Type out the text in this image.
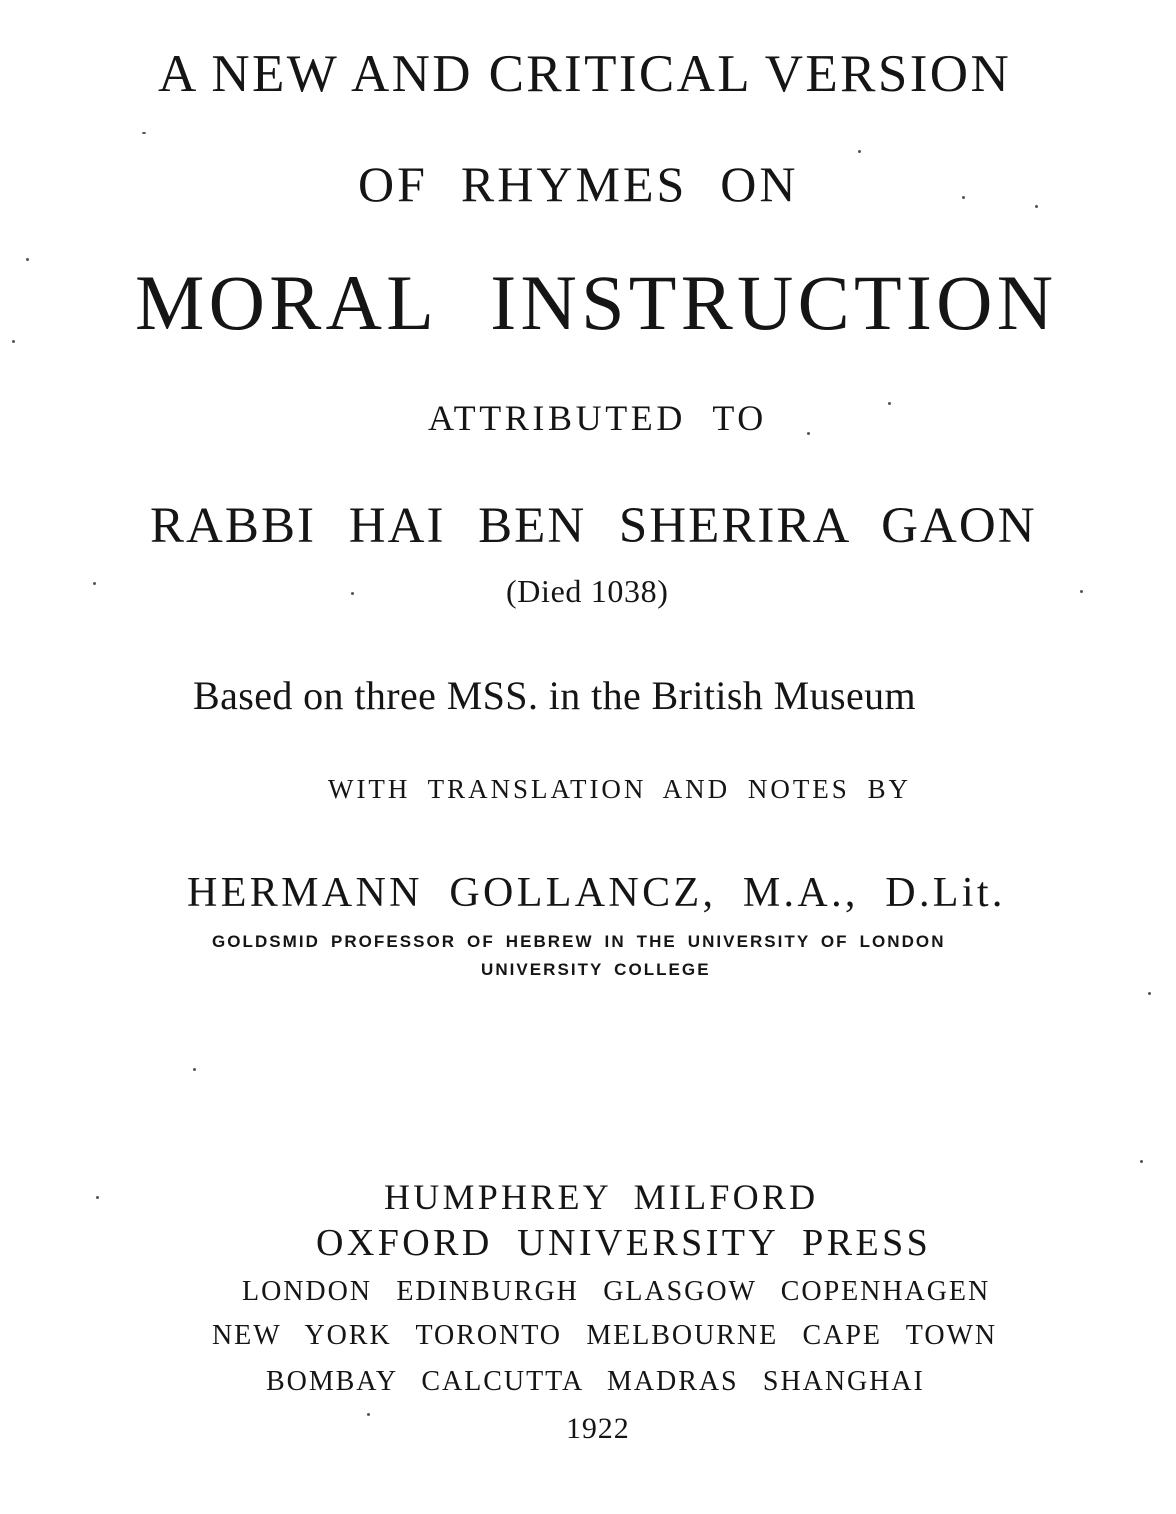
A NEW AND CRITICAL VERSION
OF RHYMES ON
MORAL INSTRUCTION
ATTRIBUTED TO
RABBI HAI BEN SHERIRA GAON
(Died 1038)
Based on three MSS. in the British Museum
WITH TRANSLATION AND NOTES BY
HERMANN GOLLANCZ, M.A., D.Lit.
GOLDSMID PROFESSOR OF HEBREW IN THE UNIVERSITY OF LONDON
UNIVERSITY COLLEGE
HUMPHREY MILFORD
OXFORD UNIVERSITY PRESS
LONDON EDINBURGH GLASGOW COPENHAGEN
NEW YORK TORONTO MELBOURNE CAPE TOWN
BOMBAY CALCUTTA MADRAS SHANGHAI
1922
